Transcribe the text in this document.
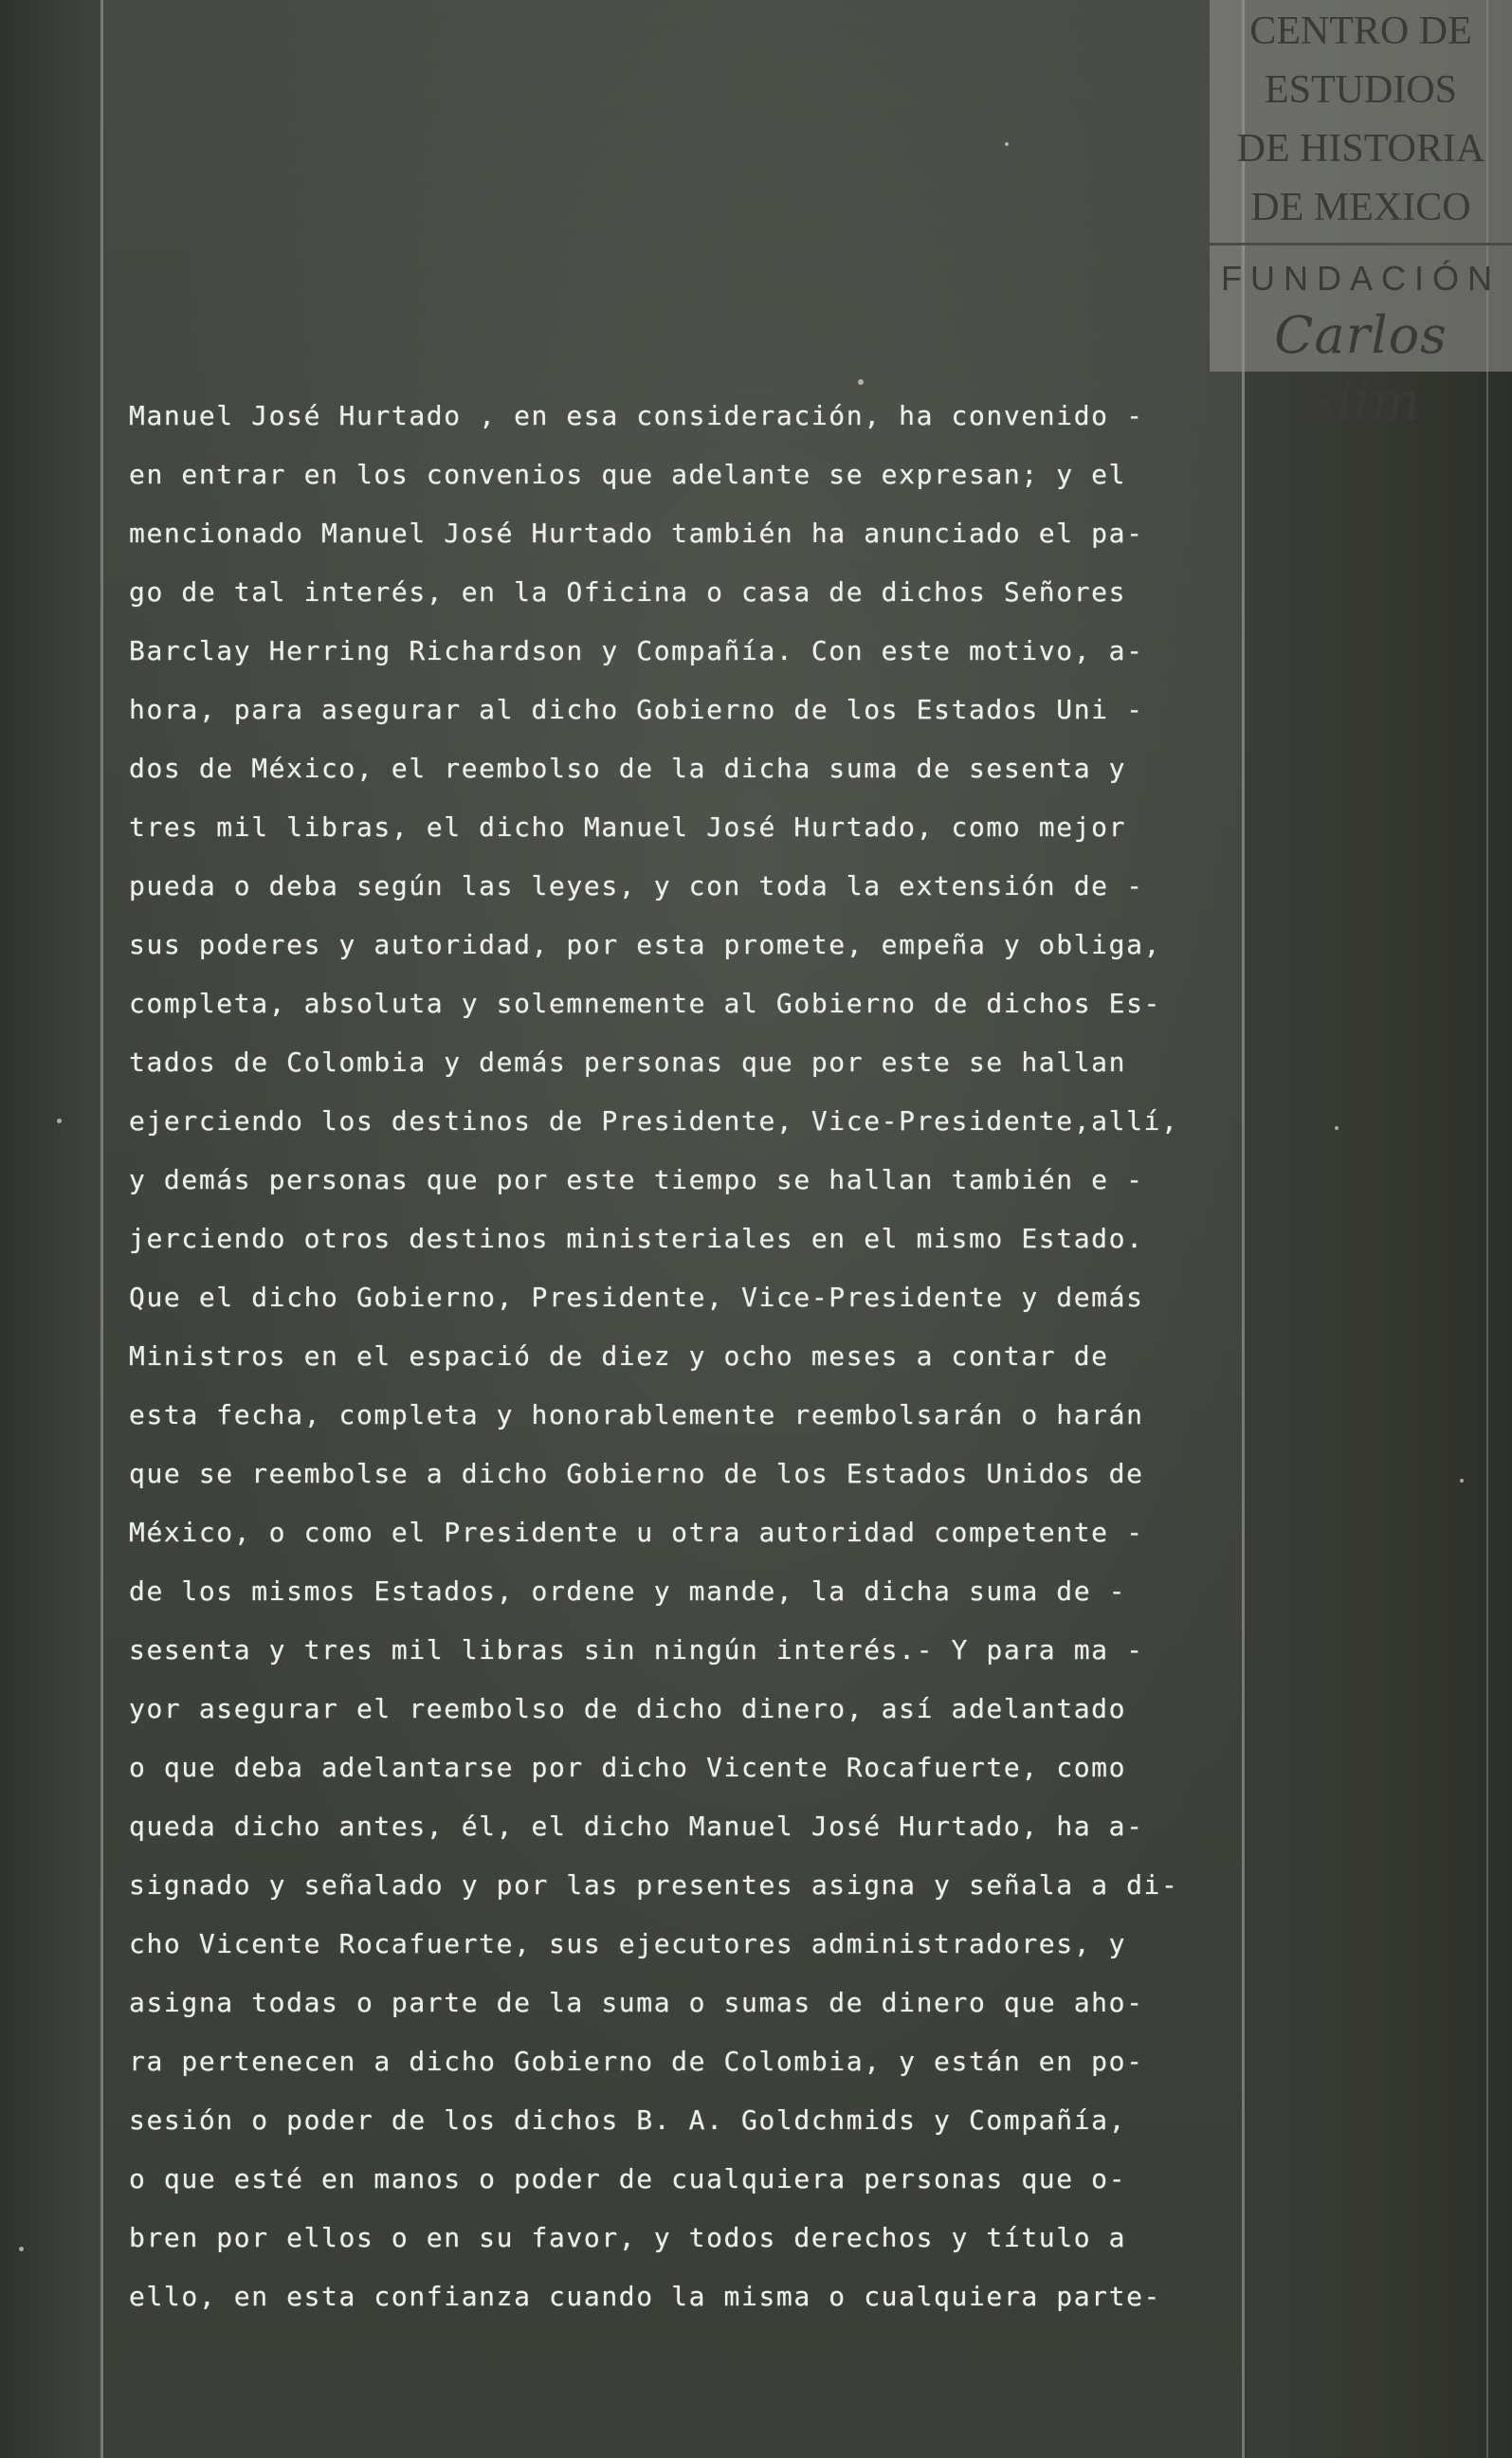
CENTRO DE
ESTUDIOS
DE HISTORIA
DE MEXICO
FUNDACIÓN
Carlos Slim
Manuel José Hurtado , en esa consideración, ha convenido -
en entrar en los convenios que adelante se expresan; y el
mencionado Manuel José Hurtado también ha anunciado el pa-
go de tal interés, en la Oficina o casa de dichos Señores
Barclay Herring Richardson y Compañía. Con este motivo, a-
hora, para asegurar al dicho Gobierno de los Estados Uni -
dos de México, el reembolso de la dicha suma de sesenta y
tres mil libras, el dicho Manuel José Hurtado, como mejor
pueda o deba según las leyes, y con toda la extensión de -
sus poderes y autoridad, por esta promete, empeña y obliga,
completa, absoluta y solemnemente al Gobierno de dichos Es-
tados de Colombia y demás personas que por este se hallan
ejerciendo los destinos de Presidente, Vice-Presidente,allí,
y demás personas que por este tiempo se hallan también e -
jerciendo otros destinos ministeriales en el mismo Estado.
Que el dicho Gobierno, Presidente, Vice-Presidente y demás
Ministros en el espació de diez y ocho meses a contar de
esta fecha, completa y honorablemente reembolsarán o harán
que se reembolse a dicho Gobierno de los Estados Unidos de
México, o como el Presidente u otra autoridad competente -
de los mismos Estados, ordene y mande, la dicha suma de -
sesenta y tres mil libras sin ningún interés.- Y para ma -
yor asegurar el reembolso de dicho dinero, así adelantado
o que deba adelantarse por dicho Vicente Rocafuerte, como
queda dicho antes, él, el dicho Manuel José Hurtado, ha a-
signado y señalado y por las presentes asigna y señala a di-
cho Vicente Rocafuerte, sus ejecutores administradores, y
asigna todas o parte de la suma o sumas de dinero que aho-
ra pertenecen a dicho Gobierno de Colombia, y están en po-
sesión o poder de los dichos B. A. Goldchmids y Compañía,
o que esté en manos o poder de cualquiera personas que o-
bren por ellos o en su favor, y todos derechos y título a
ello, en esta confianza cuando la misma o cualquiera parte-
